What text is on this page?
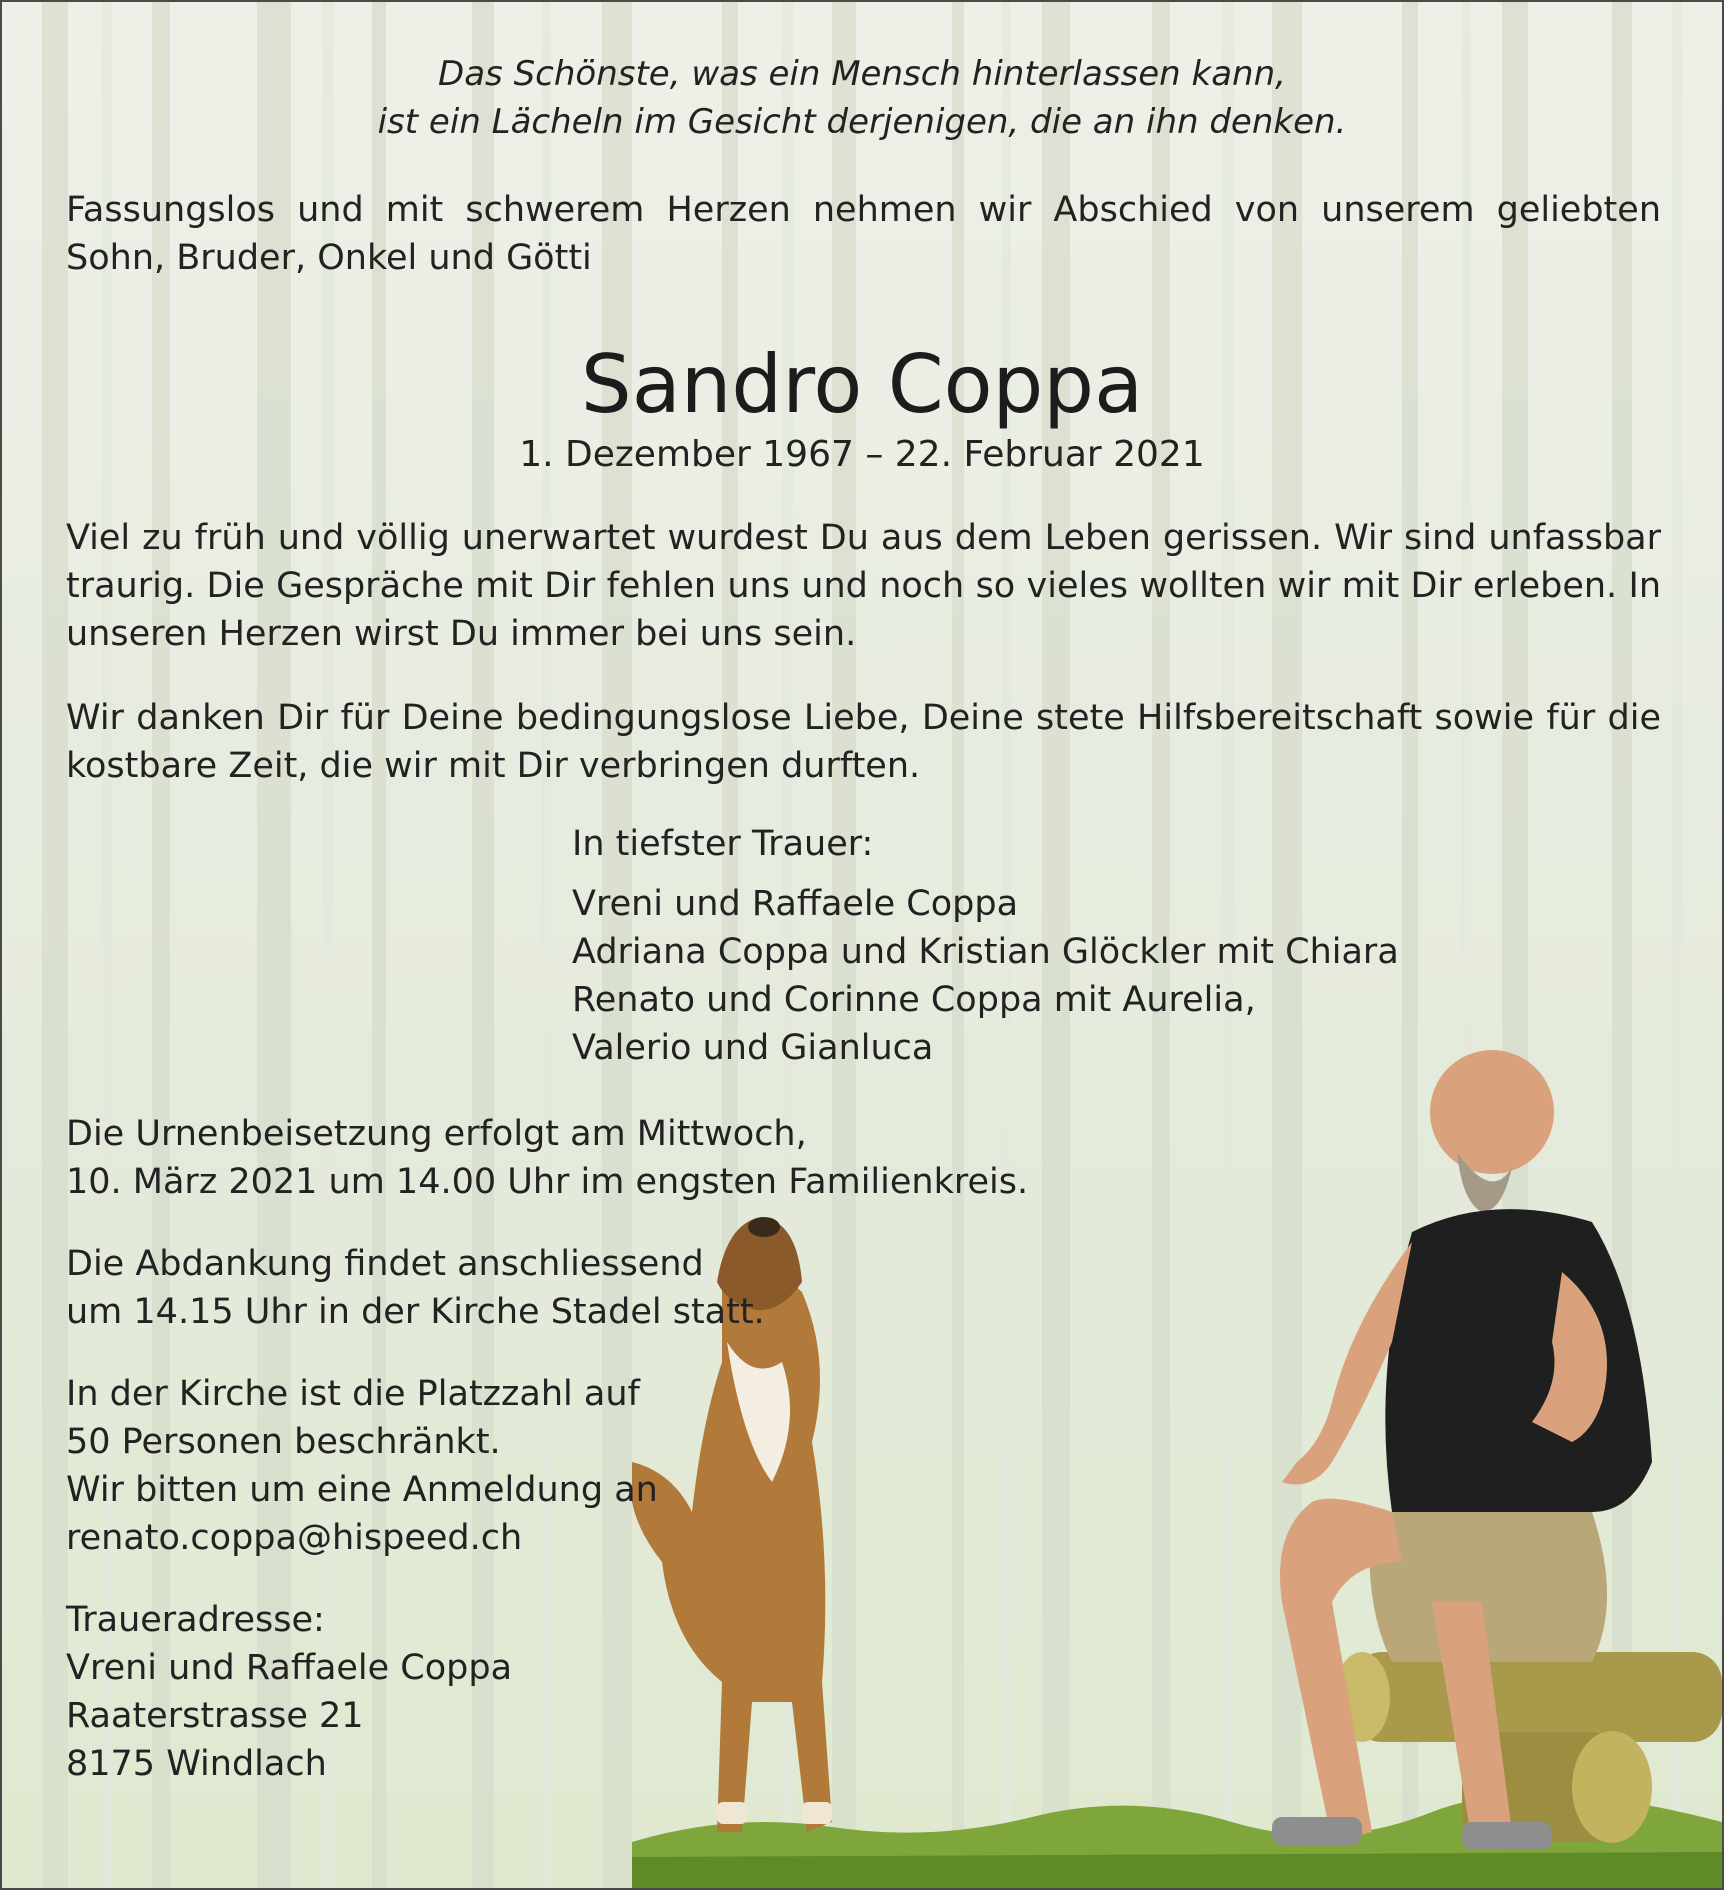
Das Schönste, was ein Mensch hinterlassen kann,

ist ein Lächeln im Gesicht derjenigen, die an ihn denken.

Fassungslos und mit schwerem Herzen nehmen wir Abschied von unserem geliebten Sohn, Bruder, Onkel und Götti

Sandro Coppa

1. Dezember 1967 – 22. Februar 2021

Viel zu früh und völlig unerwartet wurdest Du aus dem Leben gerissen. Wir sind unfassbar traurig. Die Gespräche mit Dir fehlen uns und noch so vieles wollten wir mit Dir erleben. In unseren Herzen wirst Du immer bei uns sein.

Wir danken Dir für Deine bedingungslose Liebe, Deine stete Hilfsbereitschaft sowie für die kostbare Zeit, die wir mit Dir verbringen durften.

In tiefster Trauer:

Vreni und Raffaele Coppa

Adriana Coppa und Kristian Glöckler mit Chiara

Renato und Corinne Coppa mit Aurelia,

Valerio und Gianluca

Die Urnenbeisetzung erfolgt am Mittwoch,

10. März 2021 um 14.00 Uhr im engsten Familienkreis.

Die Abdankung findet anschliessend

um 14.15 Uhr in der Kirche Stadel statt.

In der Kirche ist die Platzzahl auf

50 Personen beschränkt.

Wir bitten um eine Anmeldung an

renato.coppa@hispeed.ch

Traueradresse:

Vreni und Raffaele Coppa

Raaterstrasse 21

8175 Windlach
